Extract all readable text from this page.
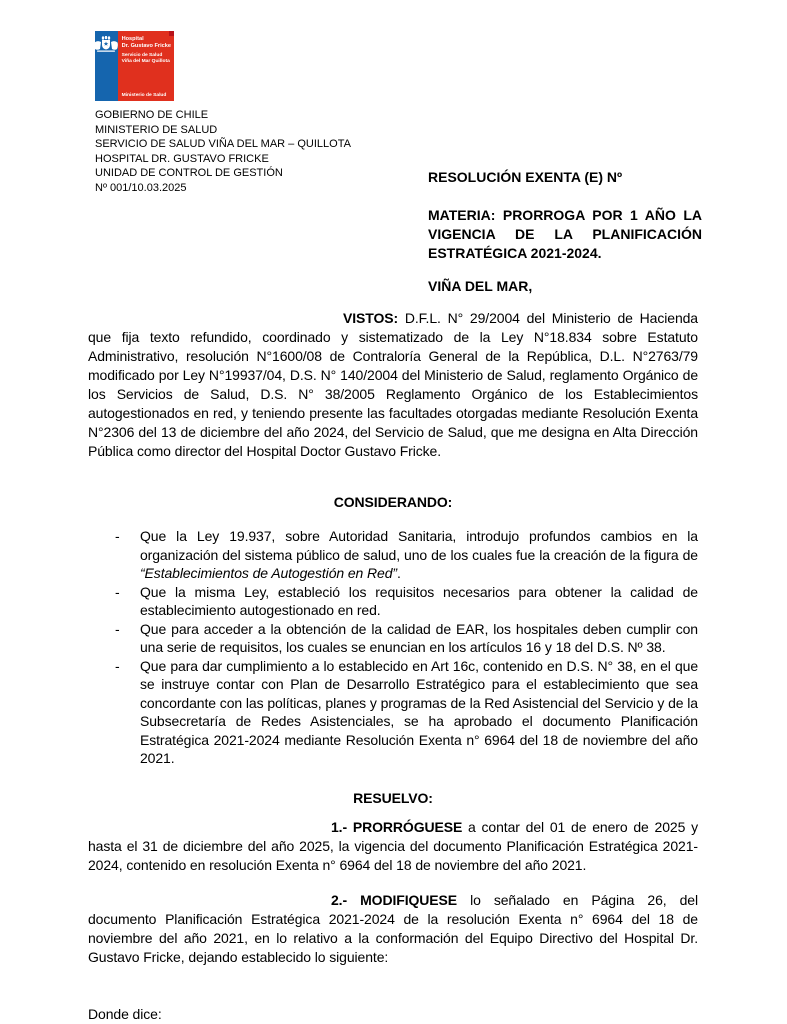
Hospital
Dr. Gustavo Fricke
Servicio de Salud
Viña del Mar Quillota
Ministerio de Salud
GOBIERNO DE CHILE
MINISTERIO DE SALUD
SERVICIO DE SALUD VIÑA DEL MAR – QUILLOTA
HOSPITAL DR. GUSTAVO FRICKE
UNIDAD DE CONTROL DE GESTIÓN
Nº 001/10.03.2025

RESOLUCIÓN EXENTA (E) Nº

MATERIA: PRORROGA POR 1 AÑO LA VIGENCIA DE LA PLANIFICACIÓN ESTRATÉGICA 2021-2024.

VIÑA DEL MAR,

VISTOS: D.F.L. N° 29/2004 del Ministerio de Hacienda que fija texto refundido, coordinado y sistematizado de la Ley N°18.834 sobre Estatuto Administrativo, resolución N°1600/08 de Contraloría General de la República, D.L. N°2763/79 modificado por Ley N°19937/04, D.S. N° 140/2004 del Ministerio de Salud, reglamento Orgánico de los Servicios de Salud, D.S. N° 38/2005 Reglamento Orgánico de los Establecimientos autogestionados en red, y teniendo presente las facultades otorgadas mediante Resolución Exenta N°2306 del 13 de diciembre del año 2024, del Servicio de Salud, que me designa en Alta Dirección Pública como director del Hospital Doctor Gustavo Fricke.

CONSIDERANDO:

-	Que la Ley 19.937, sobre Autoridad Sanitaria, introdujo profundos cambios en la organización del sistema público de salud, uno de los cuales fue la creación de la figura de “Establecimientos de Autogestión en Red”.

-	Que la misma Ley, estableció los requisitos necesarios para obtener la calidad de establecimiento autogestionado en red.

-	Que para acceder a la obtención de la calidad de EAR, los hospitales deben cumplir con una serie de requisitos, los cuales se enuncian en los artículos 16 y 18 del D.S. Nº 38.

-	Que para dar cumplimiento a lo establecido en Art 16c, contenido en D.S. N° 38, en el que se instruye contar con Plan de Desarrollo Estratégico para el establecimiento que sea concordante con las políticas, planes y programas de la Red Asistencial del Servicio y de la Subsecretaría de Redes Asistenciales, se ha aprobado el documento Planificación Estratégica 2021-2024 mediante Resolución Exenta n° 6964 del 18 de noviembre del año 2021.

RESUELVO:

1.- PRORRÓGUESE a contar del 01 de enero de 2025 y hasta el 31 de diciembre del año 2025, la vigencia del documento Planificación Estratégica 2021-2024, contenido en resolución Exenta n° 6964 del 18 de noviembre del año 2021.

2.- MODIFIQUESE lo señalado en Página 26, del documento Planificación Estratégica 2021-2024 de la resolución Exenta n° 6964 del 18 de noviembre del año 2021, en lo relativo a la conformación del Equipo Directivo del Hospital Dr. Gustavo Fricke, dejando establecido lo siguiente:

Donde dice:
